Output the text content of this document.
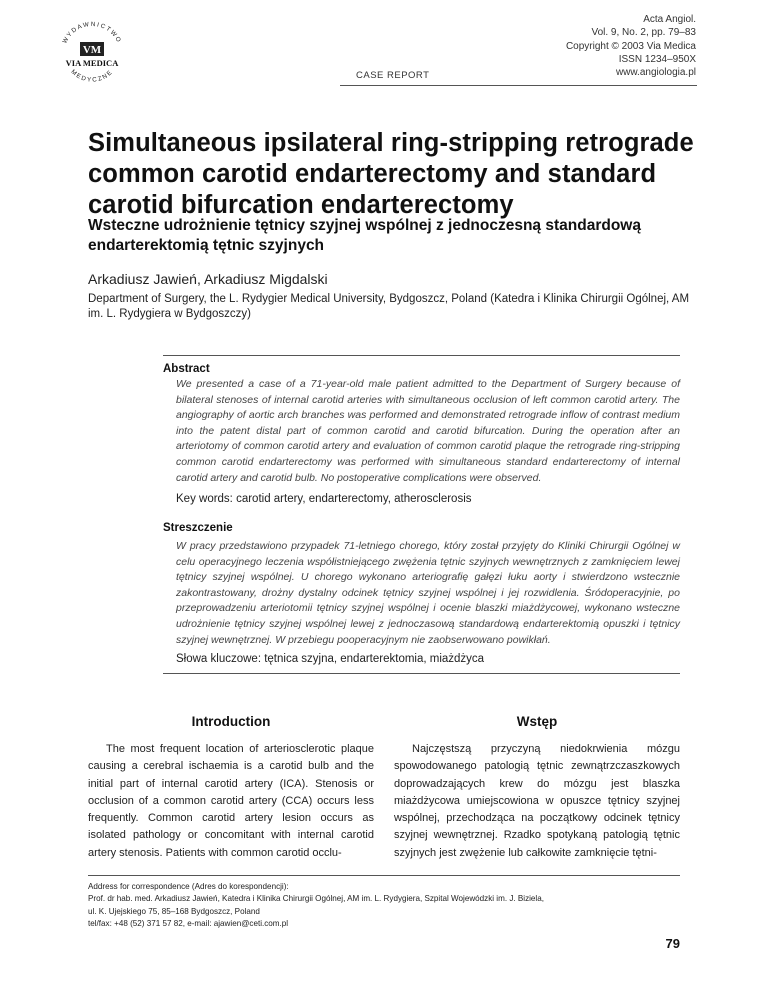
WYDAWNICTWO
VM
VIA MEDICA
MEDYCZNE	CASE REPORT
Acta Angiol.
Vol. 9, No. 2, pp. 79–83
Copyright © 2003 Via Medica
ISSN 1234–950X
www.angiologia.pl
Simultaneous ipsilateral ring-stripping retrograde common carotid endarterectomy and standard carotid bifurcation endarterectomy
Wsteczne udrożnienie tętnicy szyjnej wspólnej z jednoczesną standardową endarterektomią tętnic szyjnych
Arkadiusz Jawień, Arkadiusz Migdalski
Department of Surgery, the L. Rydygier Medical University, Bydgoszcz, Poland (Katedra i Klinika Chirurgii Ogólnej, AM im. L. Rydygiera w Bydgoszczy)
Abstract
We presented a case of a 71-year-old male patient admitted to the Department of Surgery because of bilateral stenoses of internal carotid arteries with simultaneous occlusion of left common carotid artery. The angiography of aortic arch branches was performed and demonstrated retrograde inflow of contrast medium into the patent distal part of common carotid and carotid bifurcation. During the operation after an arteriotomy of common carotid artery and evaluation of common carotid plaque the retrograde ring-stripping common carotid endarterectomy was performed with simultaneous standard endarterectomy of internal carotid artery and carotid bulb. No postoperative complications were observed.
Key words: carotid artery, endarterectomy, atherosclerosis
Streszczenie
W pracy przedstawiono przypadek 71-letniego chorego, który został przyjęty do Kliniki Chirurgii Ogólnej w celu operacyjnego leczenia współistniejącego zwężenia tętnic szyjnych wewnętrznych z zamknięciem lewej tętnicy szyjnej wspólnej. U chorego wykonano arteriografię gałęzi łuku aorty i stwierdzono wstecznie zakontrastowany, drożny dystalny odcinek tętnicy szyjnej wspólnej i jej rozwidlenia. Śródoperacyjnie, po przeprowadzeniu arteriotomii tętnicy szyjnej wspólnej i ocenie blaszki miażdżycowej, wykonano wsteczne udrożnienie tętnicy szyjnej wspólnej lewej z jednoczasową standardową endarterektomią opuszki i tętnicy szyjnej wewnętrznej. W przebiegu pooperacyjnym nie zaobserwowano powikłań.
Słowa kluczowe: tętnica szyjna, endarterektomia, miażdżyca
Introduction

The most frequent location of arteriosclerotic plaque causing a cerebral ischaemia is a carotid bulb and the initial part of internal carotid artery (ICA). Stenosis or occlusion of a common carotid artery (CCA) occurs less frequently. Common carotid artery lesion occurs as isolated pathology or concomitant with internal carotid artery stenosis. Patients with common carotid occlu-

Wstęp

Najczęstszą przyczyną niedokrwienia mózgu spowodowanego patologią tętnic zewnątrzczaszkowych doprowadzających krew do mózgu jest blaszka miażdżycowa umiejscowiona w opuszce tętnicy szyjnej wspólnej, przechodząca na początkowy odcinek tętnicy szyjnej wewnętrznej. Rzadko spotykaną patologią tętnic szyjnych jest zwężenie lub całkowite zamknięcie tętni-

Address for correspondence (Adres do korespondencji):
Prof. dr hab. med. Arkadiusz Jawień, Katedra i Klinika Chirurgii Ogólnej, AM im. L. Rydygiera, Szpital Wojewódzki im. J. Biziela,
ul. K. Ujejskiego 75, 85–168 Bydgoszcz, Poland
tel/fax: +48 (52) 371 57 82, e-mail: ajawien@ceti.com.pl
79
